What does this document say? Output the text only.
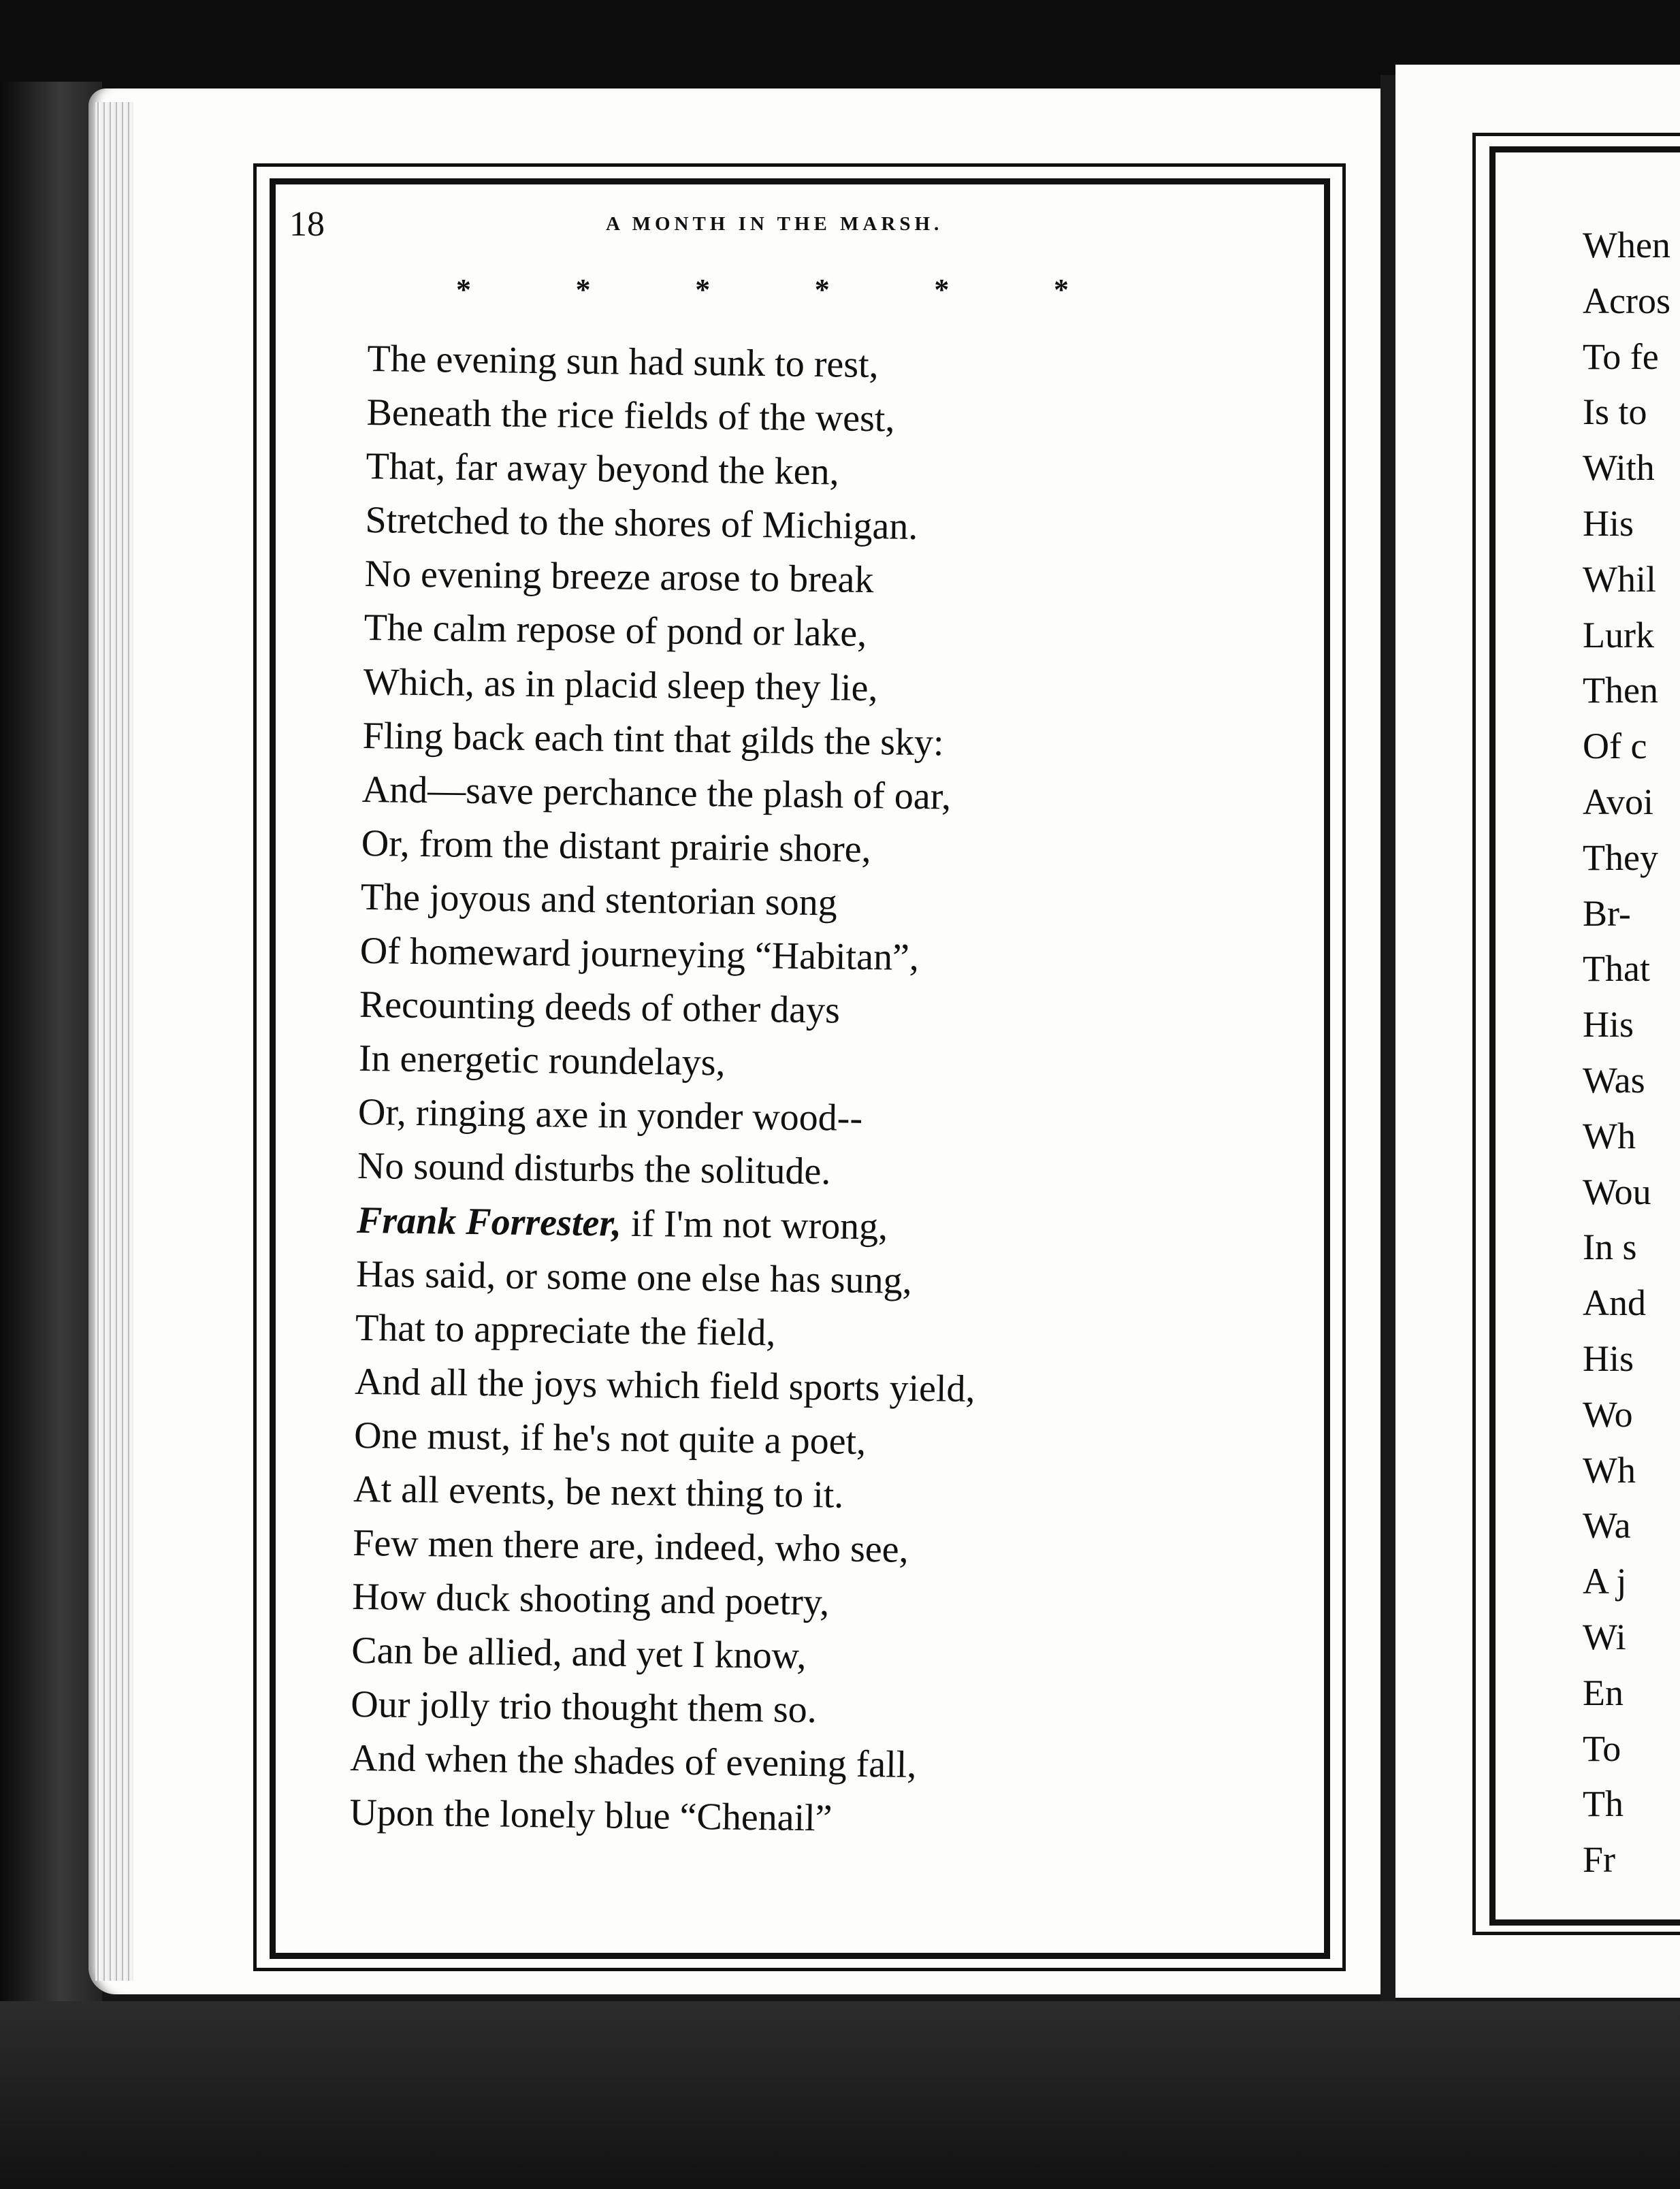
18	A MONTH IN THE MARSH.
*	*	*	*	*	*
The evening sun had sunk to rest,
Beneath the rice fields of the west,
That, far away beyond the ken,
Stretched to the shores of Michigan.
No evening breeze arose to break
The calm repose of pond or lake,
Which, as in placid sleep they lie,
Fling back each tint that gilds the sky:
And—save perchance the plash of oar,
Or, from the distant prairie shore,
The joyous and stentorian song
Of homeward journeying “Habitan”,
Recounting deeds of other days
In energetic roundelays,
Or, ringing axe in yonder wood--
No sound disturbs the solitude.
Frank Forrester, if I'm not wrong,
Has said, or some one else has sung,
That to appreciate the field,
And all the joys which field sports yield,
One must, if he's not quite a poet,
At all events, be next thing to it.
Few men there are, indeed, who see,
How duck shooting and poetry,
Can be allied, and yet I know,
Our jolly trio thought them so.
And when the shades of evening fall,
Upon the lonely blue “Chenail”
When
Acros
To fe
Is to
With
His
Whil
Lurk
Then
Of c
Avoi
They
Br-
That
His
Was
Wh
Wou
In s
And
His
Wo
Wh
Wa
A j
Wi
En
To
Th
Fr
